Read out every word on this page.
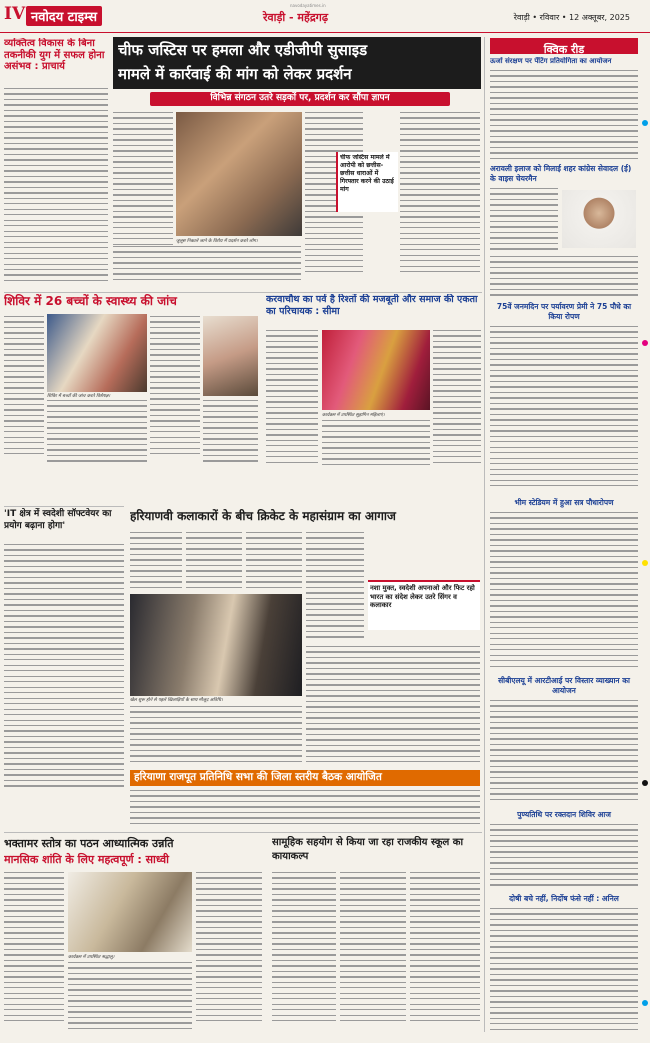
IV नवोदय टाइम्स
navodayatimes.in
रेवाड़ी - महेंद्रगढ़	रेवाड़ी • रविवार • 12 अक्तूबर, 2025
व्यक्तित्व विकास के बिना तकनीकी युग में सफल होना असंभव : प्राचार्य
चीफ जस्टिस पर हमला और एडीजीपी सुसाइड
मामले में कार्रवाई की मांग को लेकर प्रदर्शन
विभिन्न संगठन उतरे सड़कों पर, प्रदर्शन कर सौंपा ज्ञापन
जुलूस निकाले जाने के विरोध में प्रदर्शन करते लोग।
चीफ जस्टिस मामले में आरोपी को छत्तीस-छत्तीस धाराओं में गिरफ्तार करने की उठाई मांग
शिविर में 26 बच्चों के स्वास्थ्य की जांच
शिविर में बच्चों की जांच करते विशेषज्ञ।
करवाचौथ का पर्व है रिश्तों की मजबूती और समाज की एकता का परिचायक : सीमा
कार्यक्रम में उपस्थित सुहागिन महिलाएं।
'IT क्षेत्र में स्वदेशी सॉफ्टवेयर का प्रयोग बढ़ाना होगा'
हरियाणवी कलाकारों के बीच क्रिकेट के महासंग्राम का आगाज
खेल शुरू होने से पहले खिलाड़ियों के साथ मौजूद अतिथि।
नशा मुक्त, स्वदेशी अपनाओ और फिट रहो भारत का संदेश लेकर उतरे सिंगर व कलाकार
हरियाणा राजपूत प्रतिनिधि सभा की जिला स्तरीय बैठक आयोजित
भक्तामर स्तोत्र का पठन आध्यात्मिक उन्नति
मानसिक शांति के लिए महत्वपूर्ण : साध्वी
कार्यक्रम में उपस्थित श्रद्धालु।
सामूहिक सहयोग से किया जा रहा राजकीय स्कूल का कायाकल्प
क्विक रीड
ऊर्जा संरक्षण पर पेंटिंग प्रतियोगिता का आयोजन
अरावली इलाज को मिलाई शहर कांग्रेस सेवादल (ई) के वाइस चेयरमैन
75वें जनमदिन पर पर्यावरण प्रेमी ने 75 पौधे का किया रोपण
भीम स्टेडियम में हुआ सत्र पौधारोपण
सीबीएलयू में आरटीआई पर विस्तार व्याख्यान का आयोजन
पुण्यतिथि पर रक्तदान शिविर आज
दोषी बचे नहीं, निर्दोष फंसे नहीं : अनिल
